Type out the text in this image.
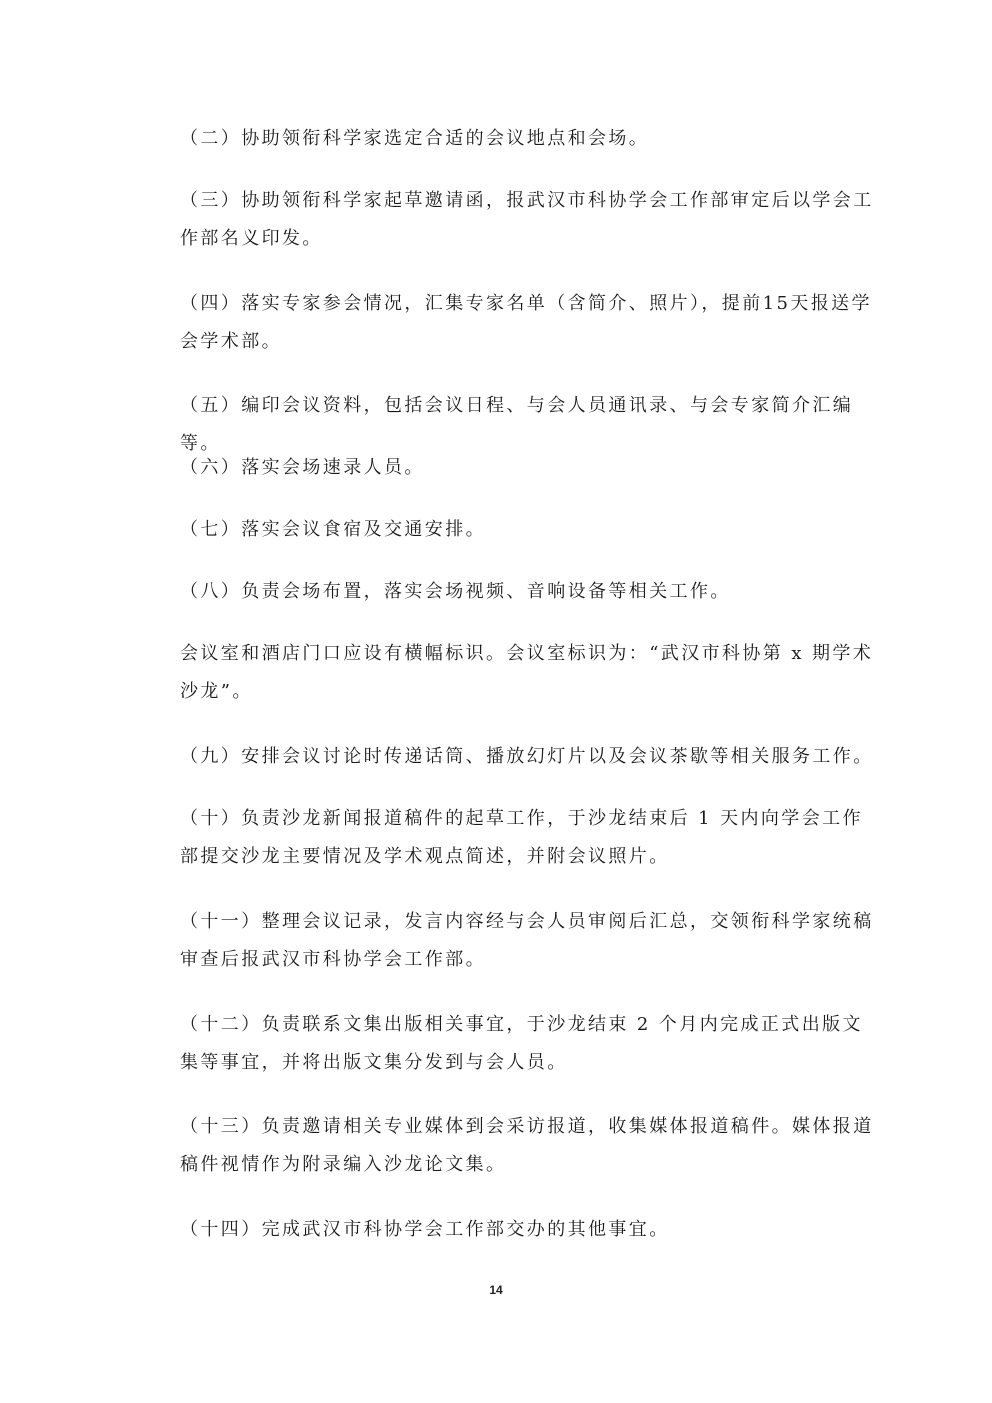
（二）协助领衔科学家选定合适的会议地点和会场。

（三）协助领衔科学家起草邀请函，报武汉市科协学会工作部审定后以学会工作部名义印发。

（四）落实专家参会情况，汇集专家名单（含简介、照片），提前15天报送学会学术部。

（五）编印会议资料，包括会议日程、与会人员通讯录、与会专家简介汇编等。

（六）落实会场速录人员。

（七）落实会议食宿及交通安排。

（八）负责会场布置，落实会场视频、音响设备等相关工作。

会议室和酒店门口应设有横幅标识。会议室标识为：“武汉市科协第 x 期学术沙龙”。

（九）安排会议讨论时传递话筒、播放幻灯片以及会议茶歇等相关服务工作。

（十）负责沙龙新闻报道稿件的起草工作，于沙龙结束后 1 天内向学会工作部提交沙龙主要情况及学术观点简述，并附会议照片。

（十一）整理会议记录，发言内容经与会人员审阅后汇总，交领衔科学家统稿审查后报武汉市科协学会工作部。

（十二）负责联系文集出版相关事宜，于沙龙结束 2 个月内完成正式出版文集等事宜，并将出版文集分发到与会人员。

（十三）负责邀请相关专业媒体到会采访报道，收集媒体报道稿件。媒体报道稿件视情作为附录编入沙龙论文集。

（十四）完成武汉市科协学会工作部交办的其他事宜。

14
